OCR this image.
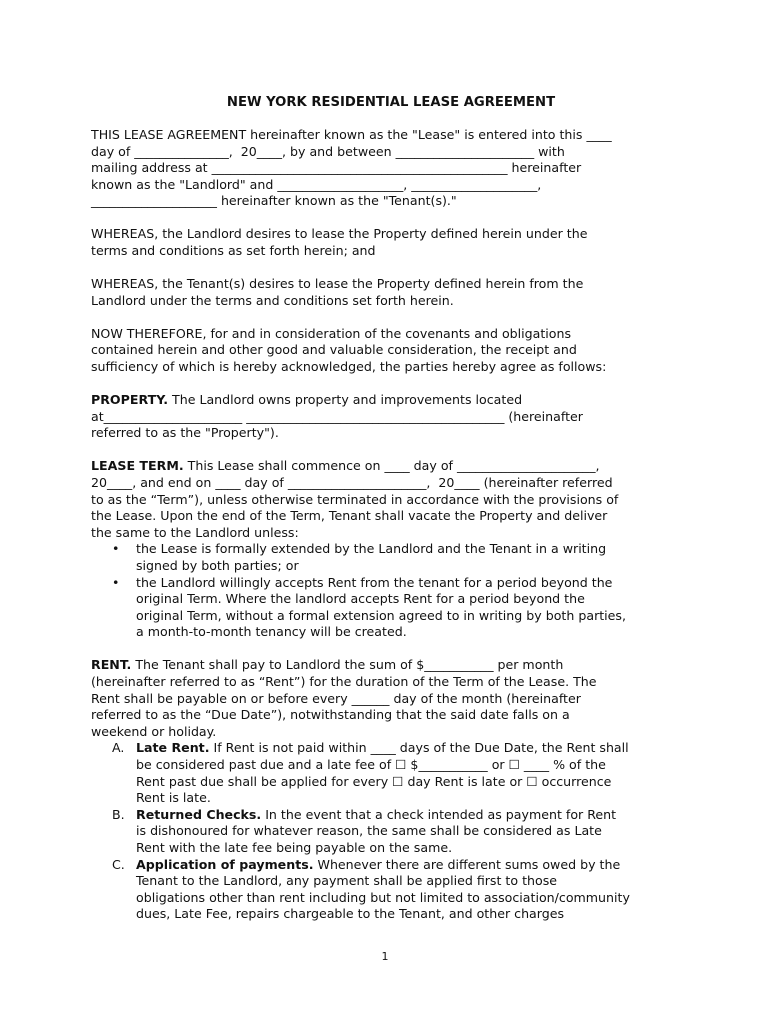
NEW YORK RESIDENTIAL LEASE AGREEMENT

THIS LEASE AGREEMENT hereinafter known as the "Lease" is entered into this ____
day of _______________,  20____, by and between ______________________ with
mailing address at _______________________________________________ hereinafter
known as the "Landlord" and ____________________, ____________________,
____________________ hereinafter known as the "Tenant(s)."

WHEREAS, the Landlord desires to lease the Property defined herein under the
terms and conditions as set forth herein; and

WHEREAS, the Tenant(s) desires to lease the Property defined herein from the
Landlord under the terms and conditions set forth herein.

NOW THEREFORE, for and in consideration of the covenants and obligations
contained herein and other good and valuable consideration, the receipt and
sufficiency of which is hereby acknowledged, the parties hereby agree as follows:

PROPERTY. The Landlord owns property and improvements located
at______________________ _________________________________________ (hereinafter
referred to as the "Property").

LEASE TERM. This Lease shall commence on ____ day of ______________________,
20____, and end on ____ day of ______________________,  20____ (hereinafter referred
to as the “Term”), unless otherwise terminated in accordance with the provisions of
the Lease. Upon the end of the Term, Tenant shall vacate the Property and deliver
the same to the Landlord unless:
• the Lease is formally extended by the Landlord and the Tenant in a writing
signed by both parties; or
• the Landlord willingly accepts Rent from the tenant for a period beyond the
original Term. Where the landlord accepts Rent for a period beyond the
original Term, without a formal extension agreed to in writing by both parties,
a month-to-month tenancy will be created.
RENT. The Tenant shall pay to Landlord the sum of $___________ per month
(hereinafter referred to as “Rent”) for the duration of the Term of the Lease. The
Rent shall be payable on or before every ______ day of the month (hereinafter
referred to as the “Due Date”), notwithstanding that the said date falls on a
weekend or holiday.
A. Late Rent. If Rent is not paid within ____ days of the Due Date, the Rent shall
be considered past due and a late fee of ☐ $___________ or ☐ ____ % of the
Rent past due shall be applied for every ☐ day Rent is late or ☐ occurrence
Rent is late.
B. Returned Checks. In the event that a check intended as payment for Rent
is dishonoured for whatever reason, the same shall be considered as Late
Rent with the late fee being payable on the same.
C. Application of payments. Whenever there are different sums owed by the
Tenant to the Landlord, any payment shall be applied first to those
obligations other than rent including but not limited to association/community
dues, Late Fee, repairs chargeable to the Tenant, and other charges
1
